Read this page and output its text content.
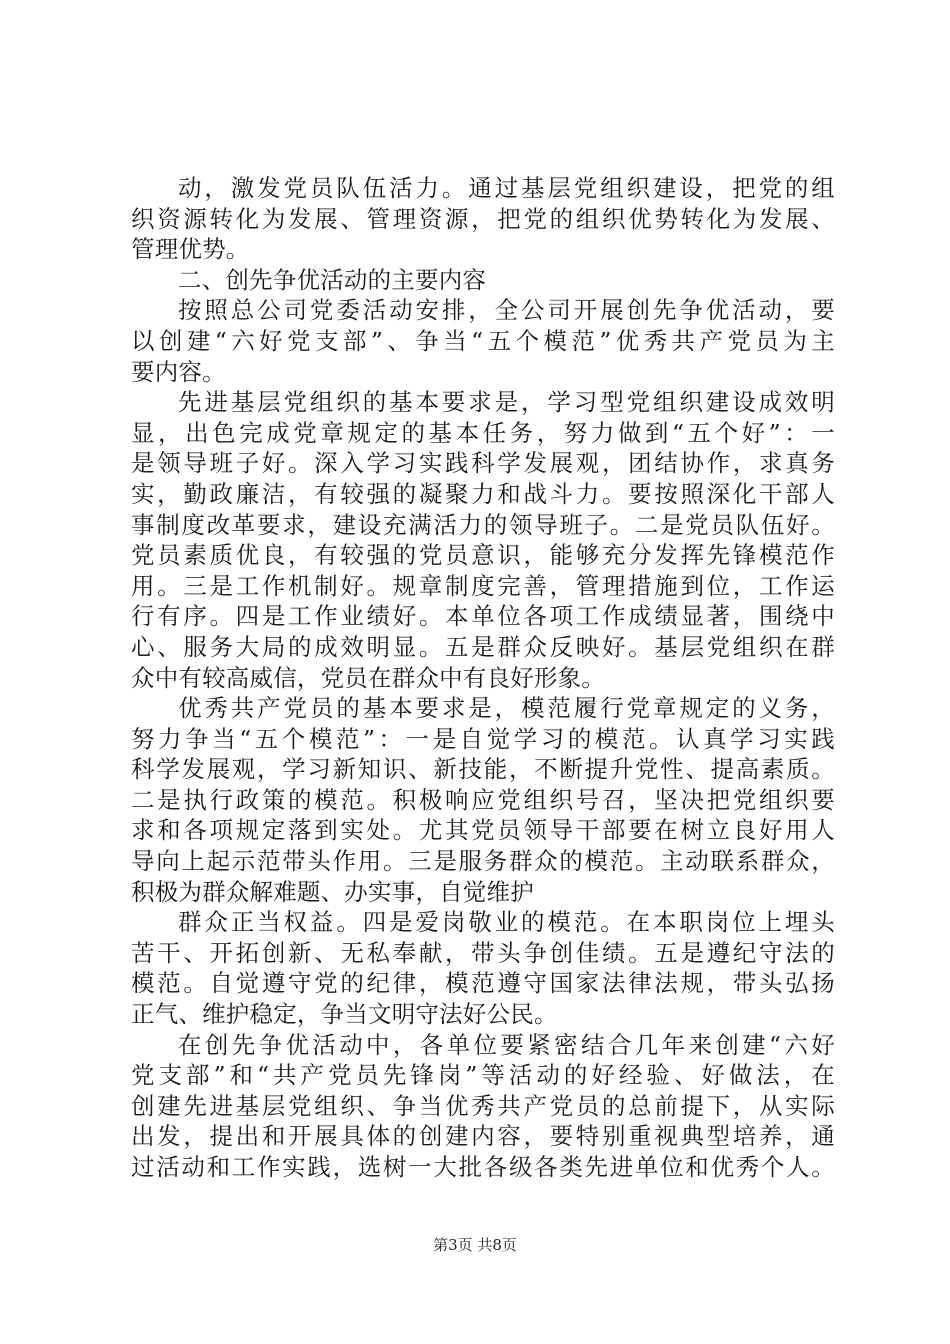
动，激发党员队伍活力。通过基层党组织建设，把党的组
织资源转化为发展、管理资源，把党的组织优势转化为发展、
管理优势。
二、创先争优活动的主要内容
按照总公司党委活动安排，全公司开展创先争优活动，要
以创建“六好党支部”、争当“五个模范”优秀共产党员为主
要内容。
先进基层党组织的基本要求是，学习型党组织建设成效明
显，出色完成党章规定的基本任务，努力做到“五个好”：一
是领导班子好。深入学习实践科学发展观，团结协作，求真务
实，勤政廉洁，有较强的凝聚力和战斗力。要按照深化干部人
事制度改革要求，建设充满活力的领导班子。二是党员队伍好。
党员素质优良，有较强的党员意识，能够充分发挥先锋模范作
用。三是工作机制好。规章制度完善，管理措施到位，工作运
行有序。四是工作业绩好。本单位各项工作成绩显著，围绕中
心、服务大局的成效明显。五是群众反映好。基层党组织在群
众中有较高威信，党员在群众中有良好形象。
优秀共产党员的基本要求是，模范履行党章规定的义务，
努力争当“五个模范”：一是自觉学习的模范。认真学习实践
科学发展观，学习新知识、新技能，不断提升党性、提高素质。
二是执行政策的模范。积极响应党组织号召，坚决把党组织要
求和各项规定落到实处。尤其党员领导干部要在树立良好用人
导向上起示范带头作用。三是服务群众的模范。主动联系群众，
积极为群众解难题、办实事，自觉维护
群众正当权益。四是爱岗敬业的模范。在本职岗位上埋头
苦干、开拓创新、无私奉献，带头争创佳绩。五是遵纪守法的
模范。自觉遵守党的纪律，模范遵守国家法律法规，带头弘扬
正气、维护稳定，争当文明守法好公民。
在创先争优活动中，各单位要紧密结合几年来创建“六好
党支部”和“共产党员先锋岗”等活动的好经验、好做法，在
创建先进基层党组织、争当优秀共产党员的总前提下，从实际
出发，提出和开展具体的创建内容，要特别重视典型培养，通
过活动和工作实践，选树一大批各级各类先进单位和优秀个人。
第3页 共8页
